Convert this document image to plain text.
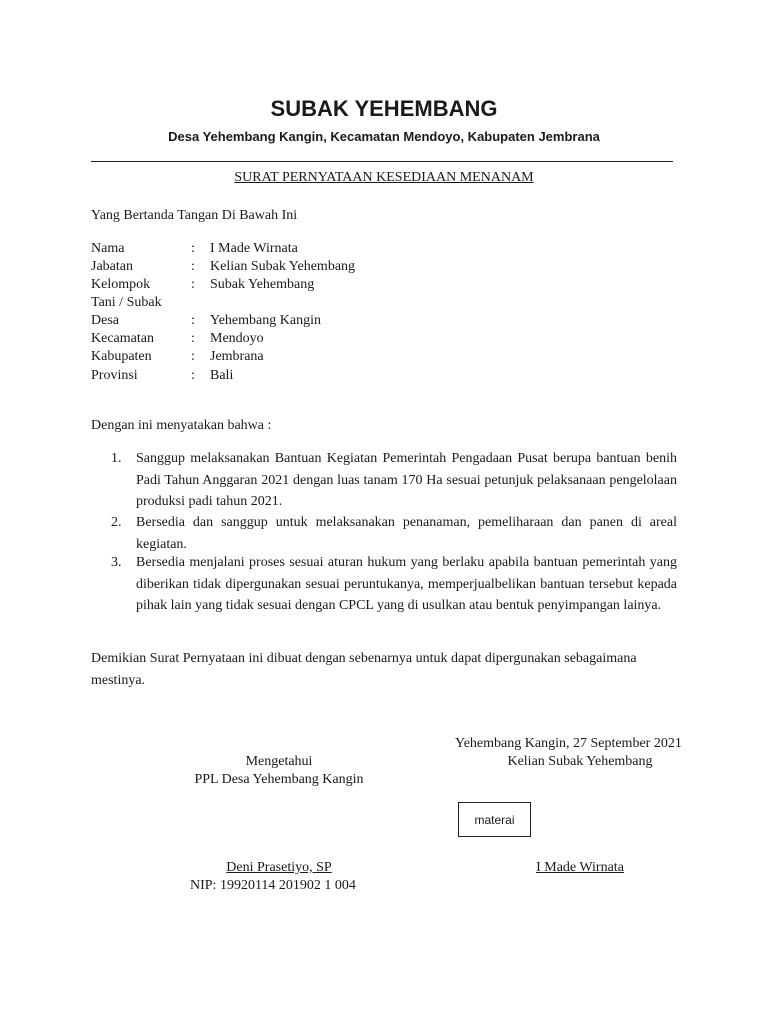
SUBAK YEHEMBANG
Desa Yehembang Kangin, Kecamatan Mendoyo, Kabupaten Jembrana
SURAT PERNYATAAN KESEDIAAN MENANAM
Yang Bertanda Tangan Di Bawah Ini
Nama	: I Made Wirnata
Jabatan	: Kelian Subak Yehembang
Kelompok	: Subak Yehembang
Tani / Subak
Desa	: Yehembang Kangin
Kecamatan	: Mendoyo
Kabupaten	: Jembrana
Provinsi	: Bali
Dengan ini menyatakan bahwa :
1. Sanggup melaksanakan Bantuan Kegiatan Pemerintah Pengadaan Pusat berupa bantuan benih Padi Tahun Anggaran 2021 dengan luas tanam 170 Ha sesuai petunjuk pelaksanaan pengelolaan produksi padi tahun 2021.
2. Bersedia dan sanggup untuk melaksanakan penanaman, pemeliharaan dan panen di areal kegiatan.
3. Bersedia menjalani proses sesuai aturan hukum yang berlaku apabila bantuan pemerintah yang diberikan tidak dipergunakan sesuai peruntukanya, memperjualbelikan bantuan tersebut kepada pihak lain yang tidak sesuai dengan CPCL yang di usulkan atau bentuk penyimpangan lainya.
Demikian Surat Pernyataan ini dibuat dengan sebenarnya untuk dapat dipergunakan sebagaimana mestinya.
Yehembang Kangin, 27 September 2021
Kelian Subak Yehembang
Mengetahui
PPL Desa Yehembang Kangin
materai
Deni Prasetiyo, SP
NIP: 19920114 201902 1 004
I Made Wirnata
